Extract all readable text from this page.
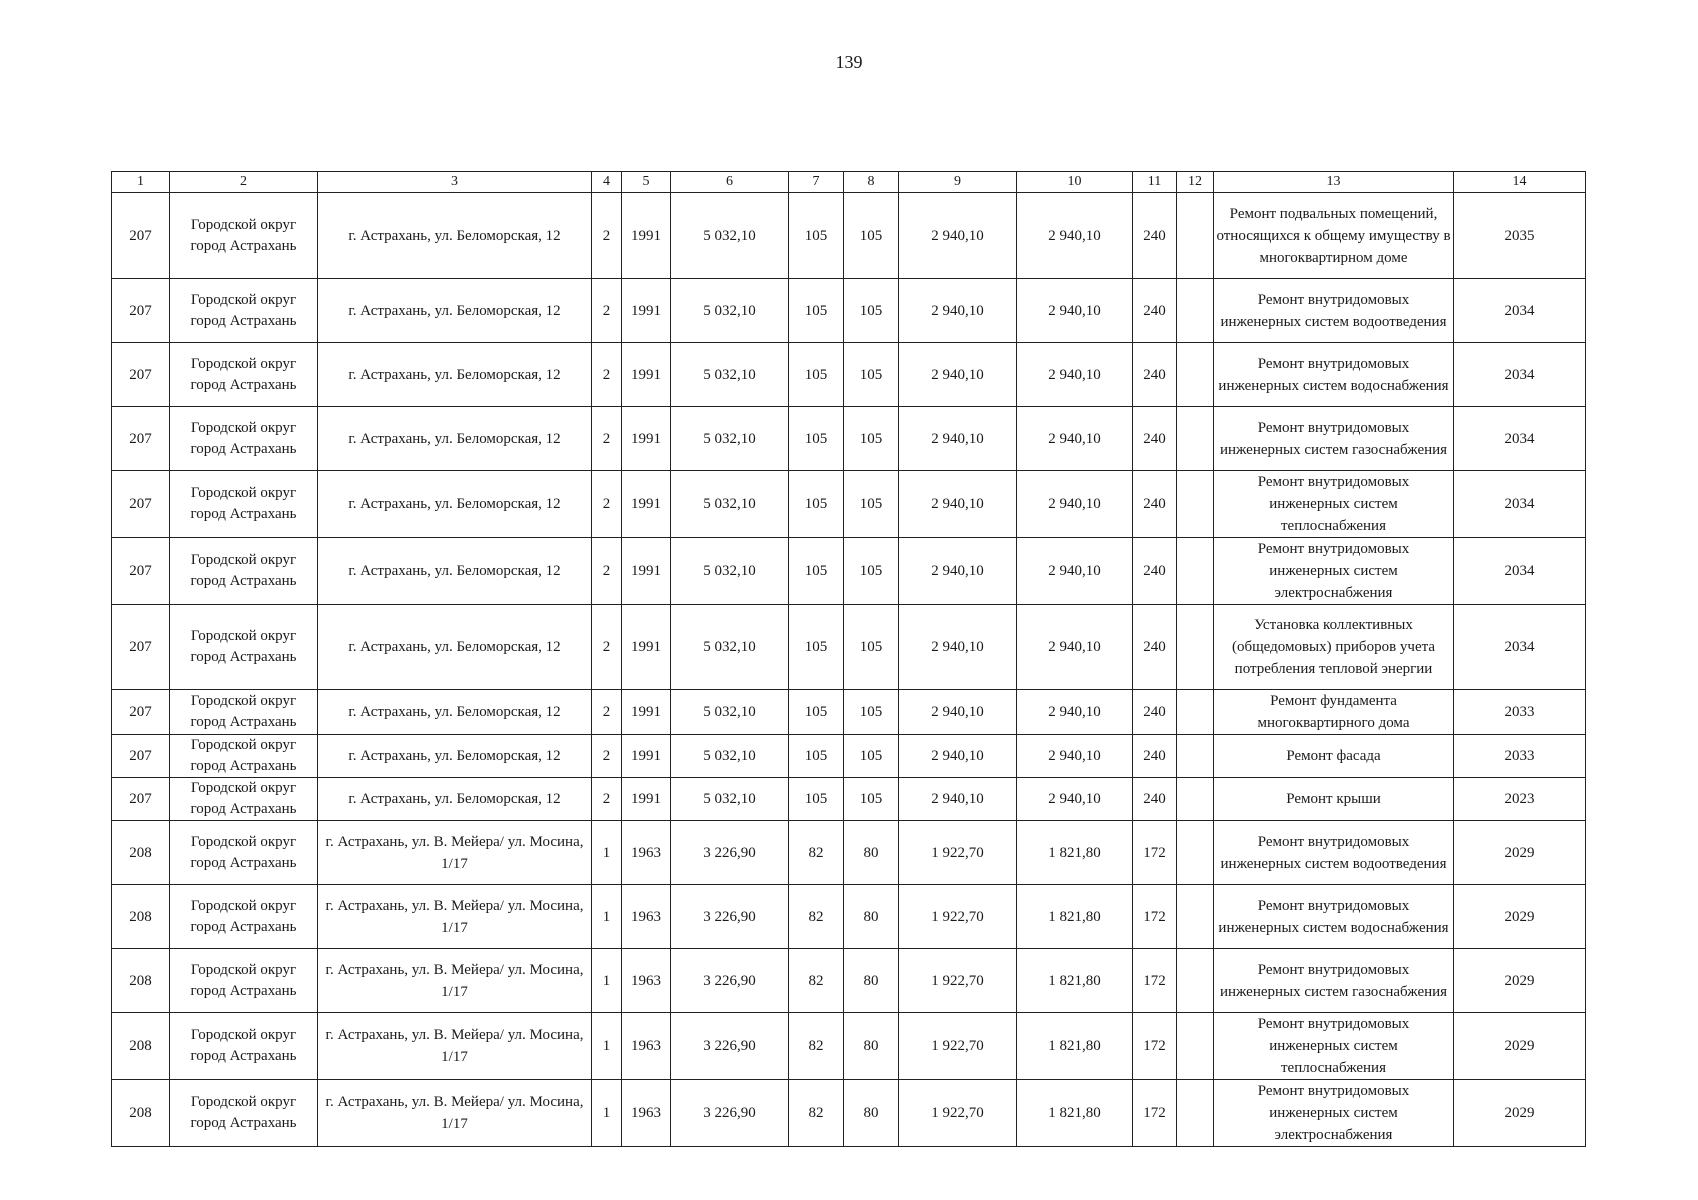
139
1	2	3	4	5	6	7	8	9	10	11	12	13	14
207	Городской округ город Астрахань	г. Астрахань, ул. Беломорская, 12	2	1991	5 032,10	105	105	2 940,10	2 940,10	240		Ремонт подвальных помещений, относящихся к общему имуществу в многоквартирном доме	2035
207	Городской округ город Астрахань	г. Астрахань, ул. Беломорская, 12	2	1991	5 032,10	105	105	2 940,10	2 940,10	240		Ремонт внутридомовых инженерных систем водоотведения	2034
207	Городской округ город Астрахань	г. Астрахань, ул. Беломорская, 12	2	1991	5 032,10	105	105	2 940,10	2 940,10	240		Ремонт внутридомовых инженерных систем водоснабжения	2034
207	Городской округ город Астрахань	г. Астрахань, ул. Беломорская, 12	2	1991	5 032,10	105	105	2 940,10	2 940,10	240		Ремонт внутридомовых инженерных систем газоснабжения	2034
207	Городской округ город Астрахань	г. Астрахань, ул. Беломорская, 12	2	1991	5 032,10	105	105	2 940,10	2 940,10	240		Ремонт внутридомовых инженерных систем теплоснабжения	2034
207	Городской округ город Астрахань	г. Астрахань, ул. Беломорская, 12	2	1991	5 032,10	105	105	2 940,10	2 940,10	240		Ремонт внутридомовых инженерных систем электроснабжения	2034
207	Городской округ город Астрахань	г. Астрахань, ул. Беломорская, 12	2	1991	5 032,10	105	105	2 940,10	2 940,10	240		Установка коллективных (общедомовых) приборов учета потребления тепловой энергии	2034
207	Городской округ город Астрахань	г. Астрахань, ул. Беломорская, 12	2	1991	5 032,10	105	105	2 940,10	2 940,10	240		Ремонт фундамента многоквартирного дома	2033
207	Городской округ город Астрахань	г. Астрахань, ул. Беломорская, 12	2	1991	5 032,10	105	105	2 940,10	2 940,10	240		Ремонт фасада	2033
207	Городской округ город Астрахань	г. Астрахань, ул. Беломорская, 12	2	1991	5 032,10	105	105	2 940,10	2 940,10	240		Ремонт крыши	2023
208	Городской округ город Астрахань	г. Астрахань, ул. В. Мейера/ ул. Мосина, 1/17	1	1963	3 226,90	82	80	1 922,70	1 821,80	172		Ремонт внутридомовых инженерных систем водоотведения	2029
208	Городской округ город Астрахань	г. Астрахань, ул. В. Мейера/ ул. Мосина, 1/17	1	1963	3 226,90	82	80	1 922,70	1 821,80	172		Ремонт внутридомовых инженерных систем водоснабжения	2029
208	Городской округ город Астрахань	г. Астрахань, ул. В. Мейера/ ул. Мосина, 1/17	1	1963	3 226,90	82	80	1 922,70	1 821,80	172		Ремонт внутридомовых инженерных систем газоснабжения	2029
208	Городской округ город Астрахань	г. Астрахань, ул. В. Мейера/ ул. Мосина, 1/17	1	1963	3 226,90	82	80	1 922,70	1 821,80	172		Ремонт внутридомовых инженерных систем теплоснабжения	2029
208	Городской округ город Астрахань	г. Астрахань, ул. В. Мейера/ ул. Мосина, 1/17	1	1963	3 226,90	82	80	1 922,70	1 821,80	172		Ремонт внутридомовых инженерных систем электроснабжения	2029
